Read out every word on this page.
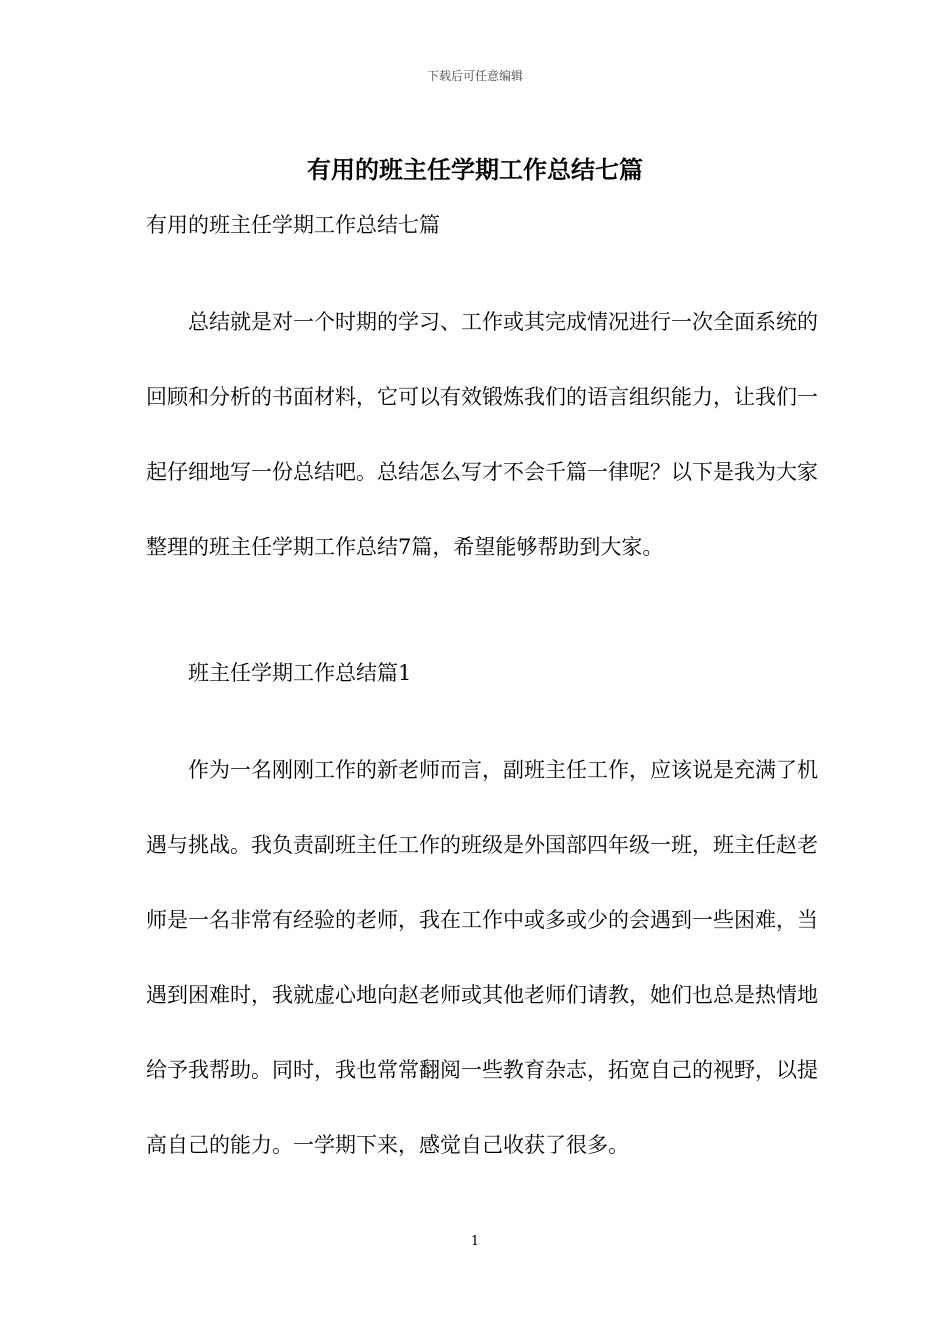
下载后可任意编辑
有用的班主任学期工作总结七篇

有用的班主任学期工作总结七篇

总结就是对一个时期的学习、工作或其完成情况进行一次全面系统的回顾和分析的书面材料，它可以有效锻炼我们的语言组织能力，让我们一起仔细地写一份总结吧。总结怎么写才不会千篇一律呢？以下是我为大家整理的班主任学期工作总结7篇，希望能够帮助到大家。

班主任学期工作总结篇1

作为一名刚刚工作的新老师而言，副班主任工作，应该说是充满了机遇与挑战。我负责副班主任工作的班级是外国部四年级一班，班主任赵老师是一名非常有经验的老师，我在工作中或多或少的会遇到一些困难，当遇到困难时，我就虚心地向赵老师或其他老师们请教，她们也总是热情地给予我帮助。同时，我也常常翻阅一些教育杂志，拓宽自己的视野，以提高自己的能力。一学期下来，感觉自己收获了很多。

1
